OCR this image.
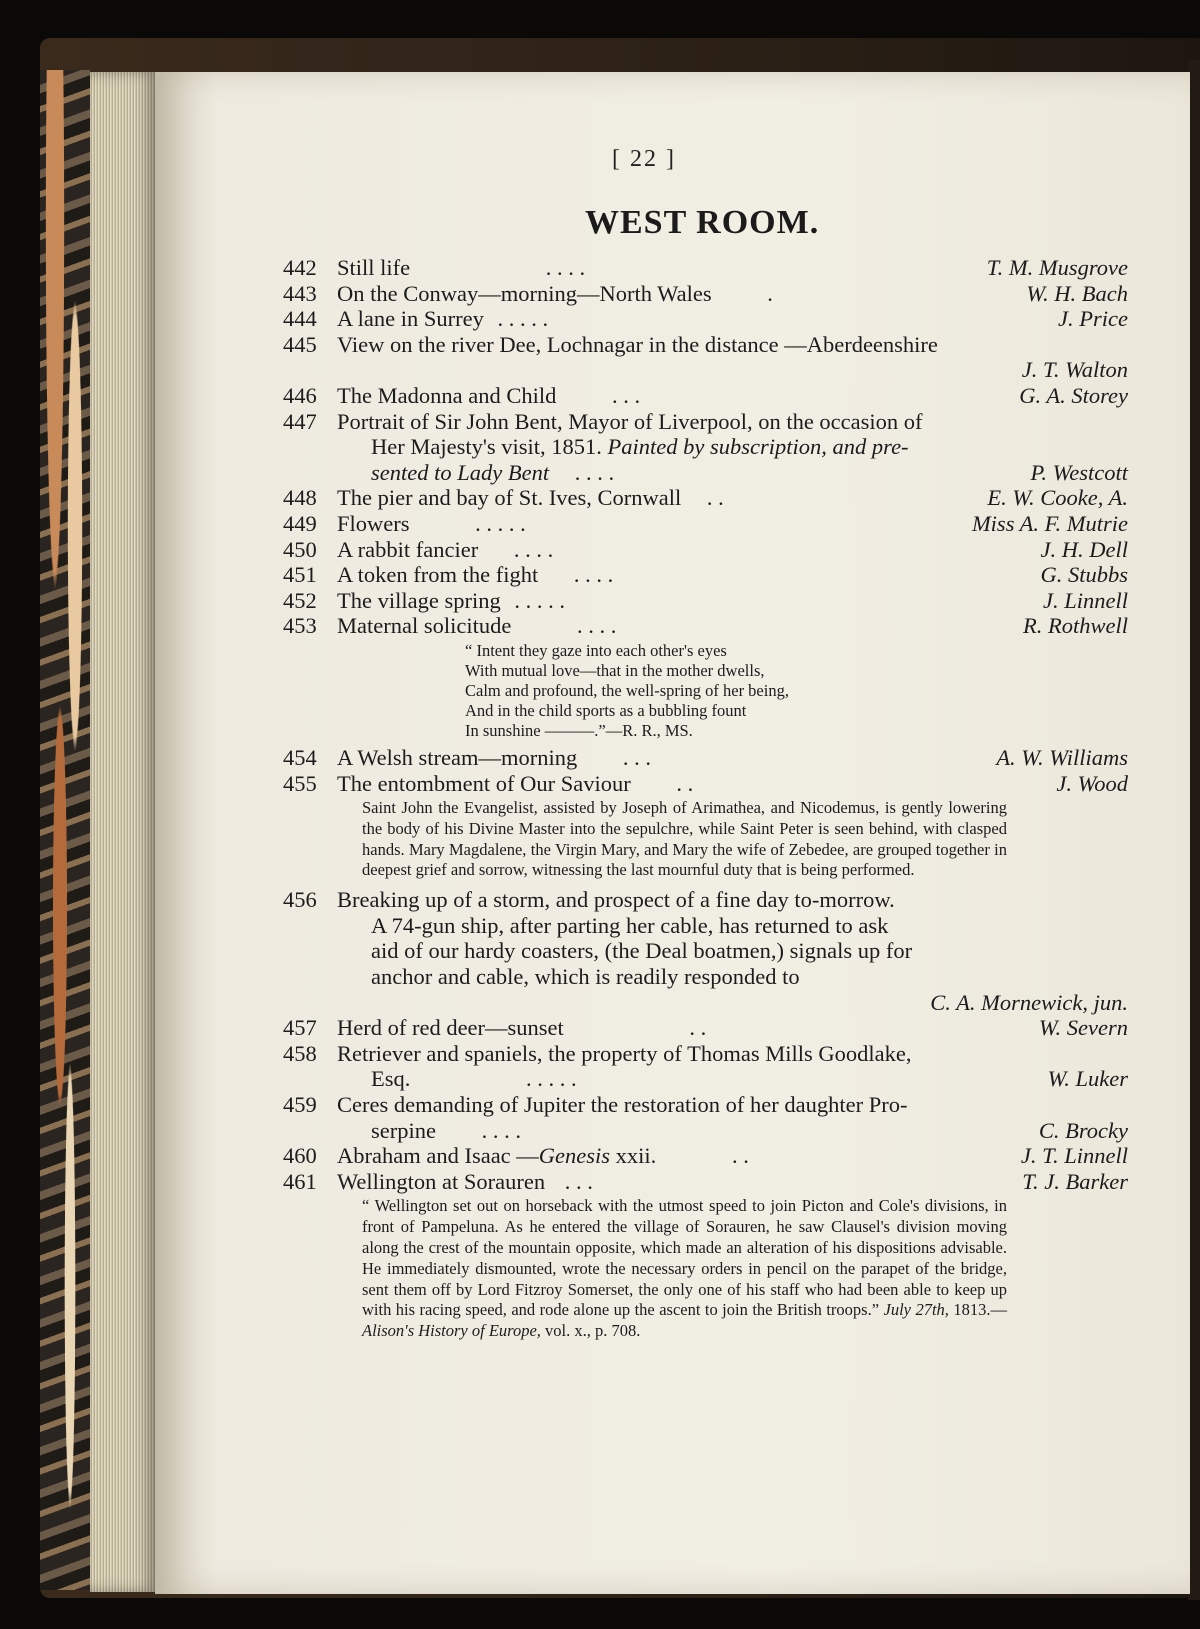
[ 22 ]
WEST ROOM.
442 Still life	. . . .	T. M. Musgrove
443 On the Conway—morning—North Wales .	W. H. Bach
444 A lane in Surrey . . . . .	J. Price
445 View on the river Dee, Lochnagar in the distance —Aberdeenshire
J. T. Walton
446 The Madonna and Child . . .	G. A. Storey
447 Portrait of Sir John Bent, Mayor of Liverpool, on the occasion of
Her Majesty's visit, 1851. Painted by subscription, and pre-
sented to Lady Bent . . . .	P. Westcott
448 The pier and bay of St. Ives, Cornwall . .	E. W. Cooke, A.
449 Flowers	. . . . .	Miss A. F. Mutrie
450 A rabbit fancier . . . .	J. H. Dell
451 A token from the fight . . . .	G. Stubbs
452 The village spring . . . . .	J. Linnell
453 Maternal solicitude	. . . .	R. Rothwell
“ Intent they gaze into each other's eyes
With mutual love—that in the mother dwells,
Calm and profound, the well-spring of her being,
And in the child sports as a bubbling fount
In sunshine ———.”—R. R., MS.
454 A Welsh stream—morning . . .	A. W. Williams
455 The entombment of Our Saviour . .	J. Wood
Saint John the Evangelist, assisted by Joseph of Arimathea, and Nicodemus, is gently lowering the body of his Divine Master into the sepulchre, while Saint Peter is seen behind, with clasped hands. Mary Magdalene, the Virgin Mary, and Mary the wife of Zebedee, are grouped together in deepest grief and sorrow, witnessing the last mournful duty that is being performed.
456 Breaking up of a storm, and prospect of a fine day to-morrow.
A 74-gun ship, after parting her cable, has returned to ask
aid of our hardy coasters, (the Deal boatmen,) signals up for
anchor and cable, which is readily responded to
C. A. Mornewick, jun.
457 Herd of red deer—sunset	. .	W. Severn
458 Retriever and spaniels, the property of Thomas Mills Goodlake,
Esq.	. . . . .	W. Luker
459 Ceres demanding of Jupiter the restoration of her daughter Pro-
serpine . . . .	C. Brocky
460 Abraham and Isaac —Genesis xxii.	. .	J. T. Linnell
461 Wellington at Sorauren . . .	T. J. Barker
“ Wellington set out on horseback with the utmost speed to join Picton and Cole's divisions, in front of Pampeluna. As he entered the village of Sorauren, he saw Clausel's division moving along the crest of the mountain opposite, which made an alteration of his dispositions advisable. He immediately dismounted, wrote the necessary orders in pencil on the parapet of the bridge, sent them off by Lord Fitzroy Somerset, the only one of his staff who had been able to keep up with his racing speed, and rode alone up the ascent to join the British troops.” July 27th, 1813.—Alison's History of Europe, vol. x., p. 708.
